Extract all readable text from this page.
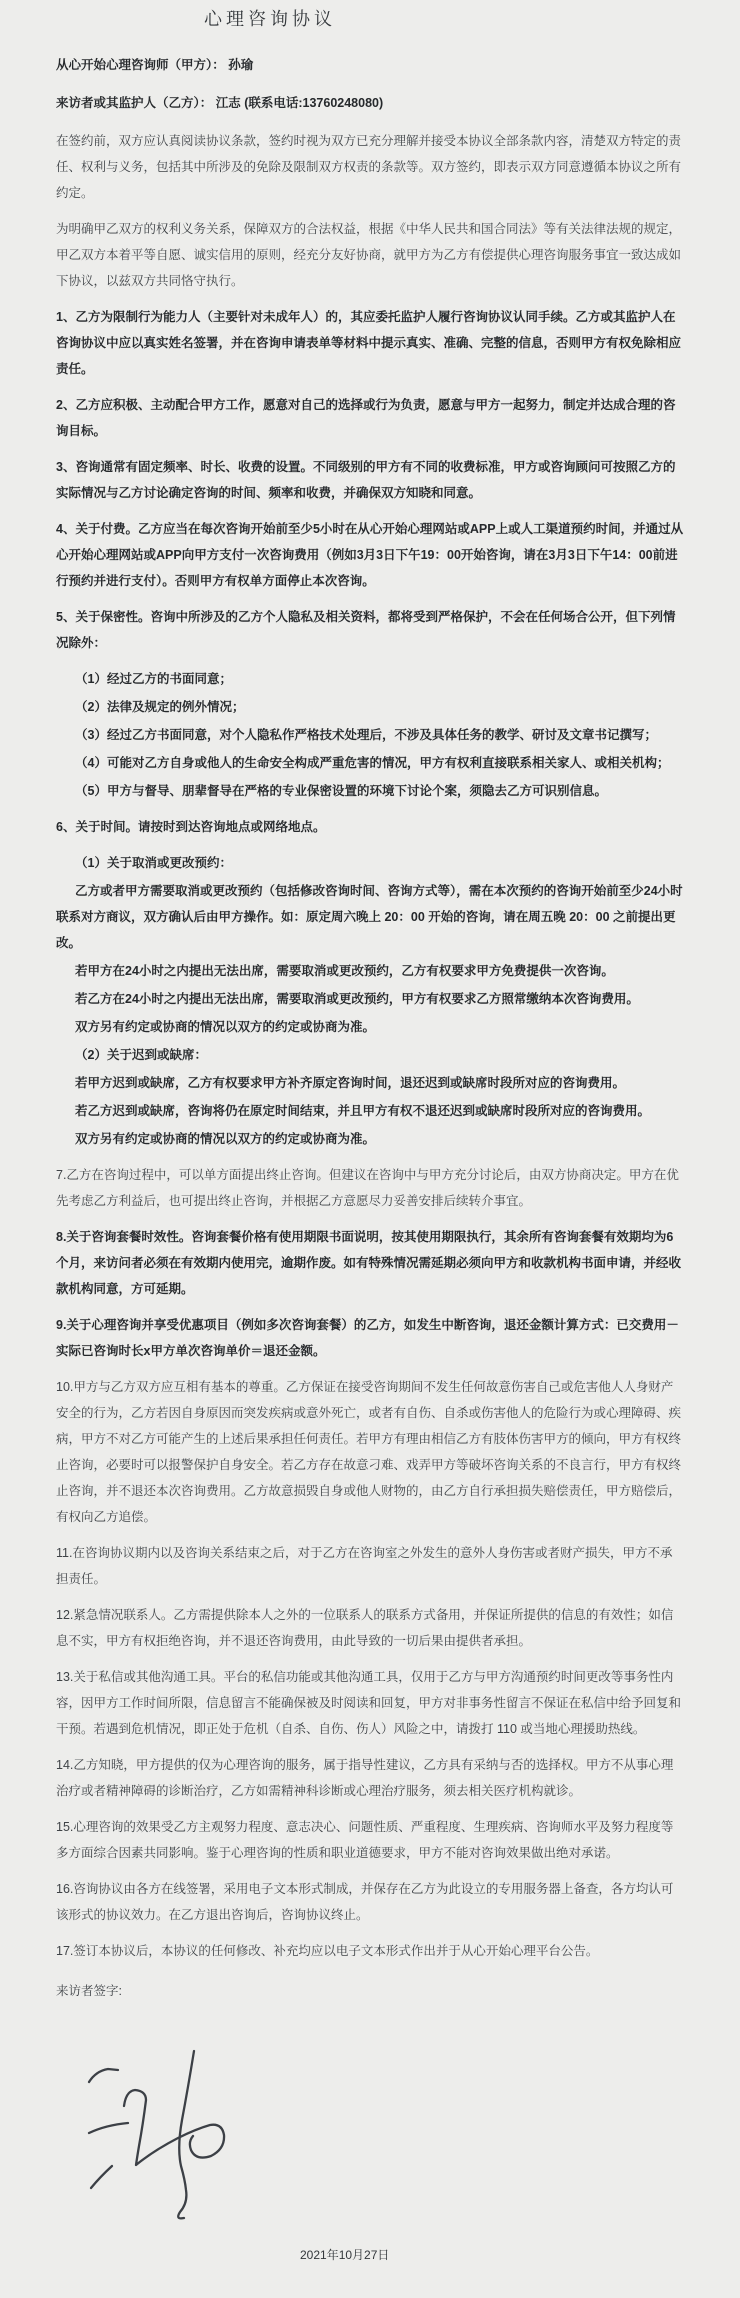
心理咨询协议

从心开始心理咨询师（甲方）： 孙瑜

来访者或其监护人（乙方）： 江志 (联系电话:13760248080)

在签约前，双方应认真阅读协议条款，签约时视为双方已充分理解并接受本协议全部条款内容，清楚双方特定的责任、权利与义务，包括其中所涉及的免除及限制双方权责的条款等。双方签约，即表示双方同意遵循本协议之所有约定。

为明确甲乙双方的权利义务关系，保障双方的合法权益，根据《中华人民共和国合同法》等有关法律法规的规定，甲乙双方本着平等自愿、诚实信用的原则，经充分友好协商，就甲方为乙方有偿提供心理咨询服务事宜一致达成如下协议，以兹双方共同恪守执行。

1、乙方为限制行为能力人（主要针对未成年人）的，其应委托监护人履行咨询协议认同手续。乙方或其监护人在咨询协议中应以真实姓名签署，并在咨询申请表单等材料中提示真实、准确、完整的信息，否则甲方有权免除相应责任。

2、乙方应积极、主动配合甲方工作，愿意对自己的选择或行为负责，愿意与甲方一起努力，制定并达成合理的咨询目标。

3、咨询通常有固定频率、时长、收费的设置。不同级别的甲方有不同的收费标准，甲方或咨询顾问可按照乙方的实际情况与乙方讨论确定咨询的时间、频率和收费，并确保双方知晓和同意。

4、关于付费。乙方应当在每次咨询开始前至少5小时在从心开始心理网站或APP上或人工渠道预约时间，并通过从心开始心理网站或APP向甲方支付一次咨询费用（例如3月3日下午19：00开始咨询，请在3月3日下午14：00前进行预约并进行支付）。否则甲方有权单方面停止本次咨询。

5、关于保密性。咨询中所涉及的乙方个人隐私及相关资料，都将受到严格保护，不会在任何场合公开，但下列情况除外：

（1）经过乙方的书面同意；

（2）法律及规定的例外情况；

（3）经过乙方书面同意，对个人隐私作严格技术处理后，不涉及具体任务的教学、研讨及文章书记撰写；

（4）可能对乙方自身或他人的生命安全构成严重危害的情况，甲方有权利直接联系相关家人、或相关机构；

（5）甲方与督导、朋辈督导在严格的专业保密设置的环境下讨论个案，须隐去乙方可识别信息。

6、关于时间。请按时到达咨询地点或网络地点。

（1）关于取消或更改预约：

乙方或者甲方需要取消或更改预约（包括修改咨询时间、咨询方式等），需在本次预约的咨询开始前至少24小时联系对方商议，双方确认后由甲方操作。如：原定周六晚上 20：00 开始的咨询，请在周五晚 20：00 之前提出更改。

若甲方在24小时之内提出无法出席，需要取消或更改预约，乙方有权要求甲方免费提供一次咨询。

若乙方在24小时之内提出无法出席，需要取消或更改预约，甲方有权要求乙方照常缴纳本次咨询费用。

双方另有约定或协商的情况以双方的约定或协商为准。

（2）关于迟到或缺席：

若甲方迟到或缺席，乙方有权要求甲方补齐原定咨询时间，退还迟到或缺席时段所对应的咨询费用。

若乙方迟到或缺席，咨询将仍在原定时间结束，并且甲方有权不退还迟到或缺席时段所对应的咨询费用。

双方另有约定或协商的情况以双方的约定或协商为准。

7.乙方在咨询过程中，可以单方面提出终止咨询。但建议在咨询中与甲方充分讨论后，由双方协商决定。甲方在优先考虑乙方利益后，也可提出终止咨询，并根据乙方意愿尽力妥善安排后续转介事宜。

8.关于咨询套餐时效性。咨询套餐价格有使用期限书面说明，按其使用期限执行，其余所有咨询套餐有效期均为6个月，来访问者必须在有效期内使用完，逾期作废。如有特殊情况需延期必须向甲方和收款机构书面申请，并经收款机构同意，方可延期。

9.关于心理咨询并享受优惠项目（例如多次咨询套餐）的乙方，如发生中断咨询，退还金额计算方式：已交费用－实际已咨询时长x甲方单次咨询单价＝退还金额。

10.甲方与乙方双方应互相有基本的尊重。乙方保证在接受咨询期间不发生任何故意伤害自己或危害他人人身财产安全的行为，乙方若因自身原因而突发疾病或意外死亡，或者有自伤、自杀或伤害他人的危险行为或心理障碍、疾病，甲方不对乙方可能产生的上述后果承担任何责任。若甲方有理由相信乙方有肢体伤害甲方的倾向，甲方有权终止咨询，必要时可以报警保护自身安全。若乙方存在故意刁难、戏弄甲方等破坏咨询关系的不良言行，甲方有权终止咨询，并不退还本次咨询费用。乙方故意损毁自身或他人财物的，由乙方自行承担损失赔偿责任，甲方赔偿后，有权向乙方追偿。

11.在咨询协议期内以及咨询关系结束之后，对于乙方在咨询室之外发生的意外人身伤害或者财产损失，甲方不承担责任。

12.紧急情况联系人。乙方需提供除本人之外的一位联系人的联系方式备用，并保证所提供的信息的有效性；如信息不实，甲方有权拒绝咨询，并不退还咨询费用，由此导致的一切后果由提供者承担。

13.关于私信或其他沟通工具。平台的私信功能或其他沟通工具，仅用于乙方与甲方沟通预约时间更改等事务性内容，因甲方工作时间所限，信息留言不能确保被及时阅读和回复，甲方对非事务性留言不保证在私信中给予回复和干预。若遇到危机情况，即正处于危机（自杀、自伤、伤人）风险之中，请拨打 110 或当地心理援助热线。

14.乙方知晓，甲方提供的仅为心理咨询的服务，属于指导性建议，乙方具有采纳与否的选择权。甲方不从事心理治疗或者精神障碍的诊断治疗，乙方如需精神科诊断或心理治疗服务，须去相关医疗机构就诊。

15.心理咨询的效果受乙方主观努力程度、意志决心、问题性质、严重程度、生理疾病、咨询师水平及努力程度等多方面综合因素共同影响。鉴于心理咨询的性质和职业道德要求，甲方不能对咨询效果做出绝对承诺。

16.咨询协议由各方在线签署，采用电子文本形式制成，并保存在乙方为此设立的专用服务器上备查，各方均认可该形式的协议效力。在乙方退出咨询后，咨询协议终止。

17.签订本协议后，本协议的任何修改、补充均应以电子文本形式作出并于从心开始心理平台公告。

来访者签字:

2021年10月27日
